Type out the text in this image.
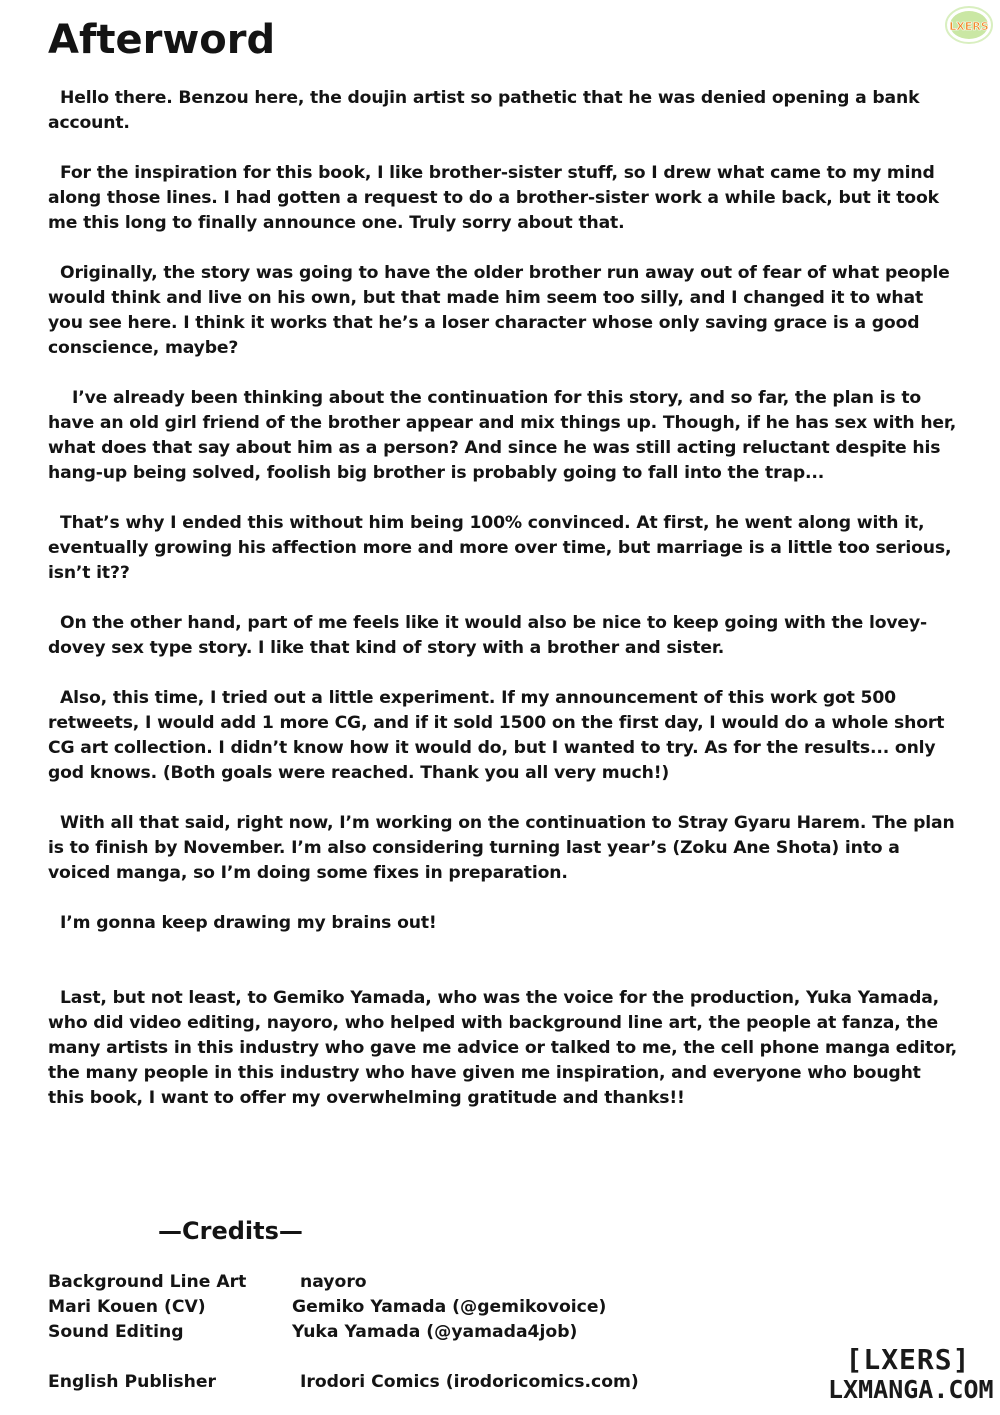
LXERS
Afterword

Hello there. Benzou here, the doujin artist so pathetic that he was denied opening a bank account.

For the inspiration for this book, I like brother-sister stuff, so I drew what came to my mind along those lines. I had gotten a request to do a brother-sister work a while back, but it took me this long to finally announce one. Truly sorry about that.

Originally, the story was going to have the older brother run away out of fear of what people would think and live on his own, but that made him seem too silly, and I changed it to what you see here. I think it works that he’s a loser character whose only saving grace is a good conscience, maybe?

I’ve already been thinking about the continuation for this story, and so far, the plan is to have an old girl friend of the brother appear and mix things up. Though, if he has sex with her, what does that say about him as a person? And since he was still acting reluctant despite his hang-up being solved, foolish big brother is probably going to fall into the trap...

That’s why I ended this without him being 100% convinced. At first, he went along with it, eventually growing his affection more and more over time, but marriage is a little too serious, isn’t it??

On the other hand, part of me feels like it would also be nice to keep going with the lovey-dovey sex type story. I like that kind of story with a brother and sister.

Also, this time, I tried out a little experiment. If my announcement of this work got 500 retweets, I would add 1 more CG, and if it sold 1500 on the first day, I would do a whole short CG art collection. I didn’t know how it would do, but I wanted to try. As for the results... only god knows. (Both goals were reached. Thank you all very much!)

With all that said, right now, I’m working on the continuation to Stray Gyaru Harem. The plan is to finish by November. I’m also considering turning last year’s (Zoku Ane Shota) into a voiced manga, so I’m doing some fixes in preparation.

I’m gonna keep drawing my brains out!

Last, but not least, to Gemiko Yamada, who was the voice for the production, Yuka Yamada, who did video editing, nayoro, who helped with background line art, the people at fanza, the many artists in this industry who gave me advice or talked to me, the cell phone manga editor, the many people in this industry who have given me inspiration, and everyone who bought this book, I want to offer my overwhelming gratitude and thanks!!

—Credits—
Background Line Art	nayoro
Mari Kouen (CV)	Gemiko Yamada (@gemikovoice)
Sound Editing	Yuka Yamada (@yamada4job)
English Publisher	Irodori Comics (irodoricomics.com)
[LXERS]
LXMANGA.COM
